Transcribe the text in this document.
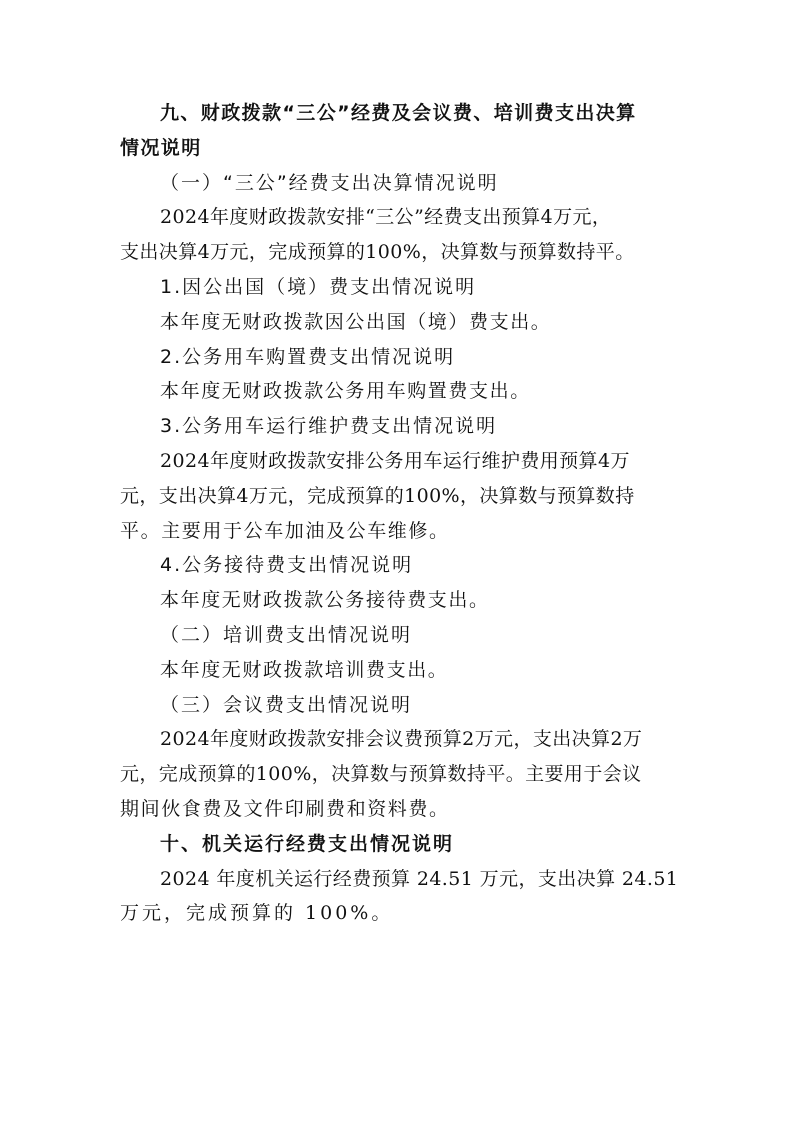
九、财政拨款“三公”经费及会议费、培训费支出决算

情况说明

（一）“三公”经费支出决算情况说明

2024年度财政拨款安排“三公”经费支出预算4万元，

支出决算4万元，完成预算的100%，决算数与预算数持平。

1.因公出国（境）费支出情况说明

本年度无财政拨款因公出国（境）费支出。

2.公务用车购置费支出情况说明

本年度无财政拨款公务用车购置费支出。

3.公务用车运行维护费支出情况说明

2024年度财政拨款安排公务用车运行维护费用预算4万

元，支出决算4万元，完成预算的100%，决算数与预算数持

平。主要用于公车加油及公车维修。

4.公务接待费支出情况说明

本年度无财政拨款公务接待费支出。

（二）培训费支出情况说明

本年度无财政拨款培训费支出。

（三）会议费支出情况说明

2024年度财政拨款安排会议费预算2万元，支出决算2万

元，完成预算的100%，决算数与预算数持平。主要用于会议

期间伙食费及文件印刷费和资料费。

十、机关运行经费支出情况说明

2024 年度机关运行经费预算 24.51 万元，支出决算 24.51

万元，完成预算的 100%。
